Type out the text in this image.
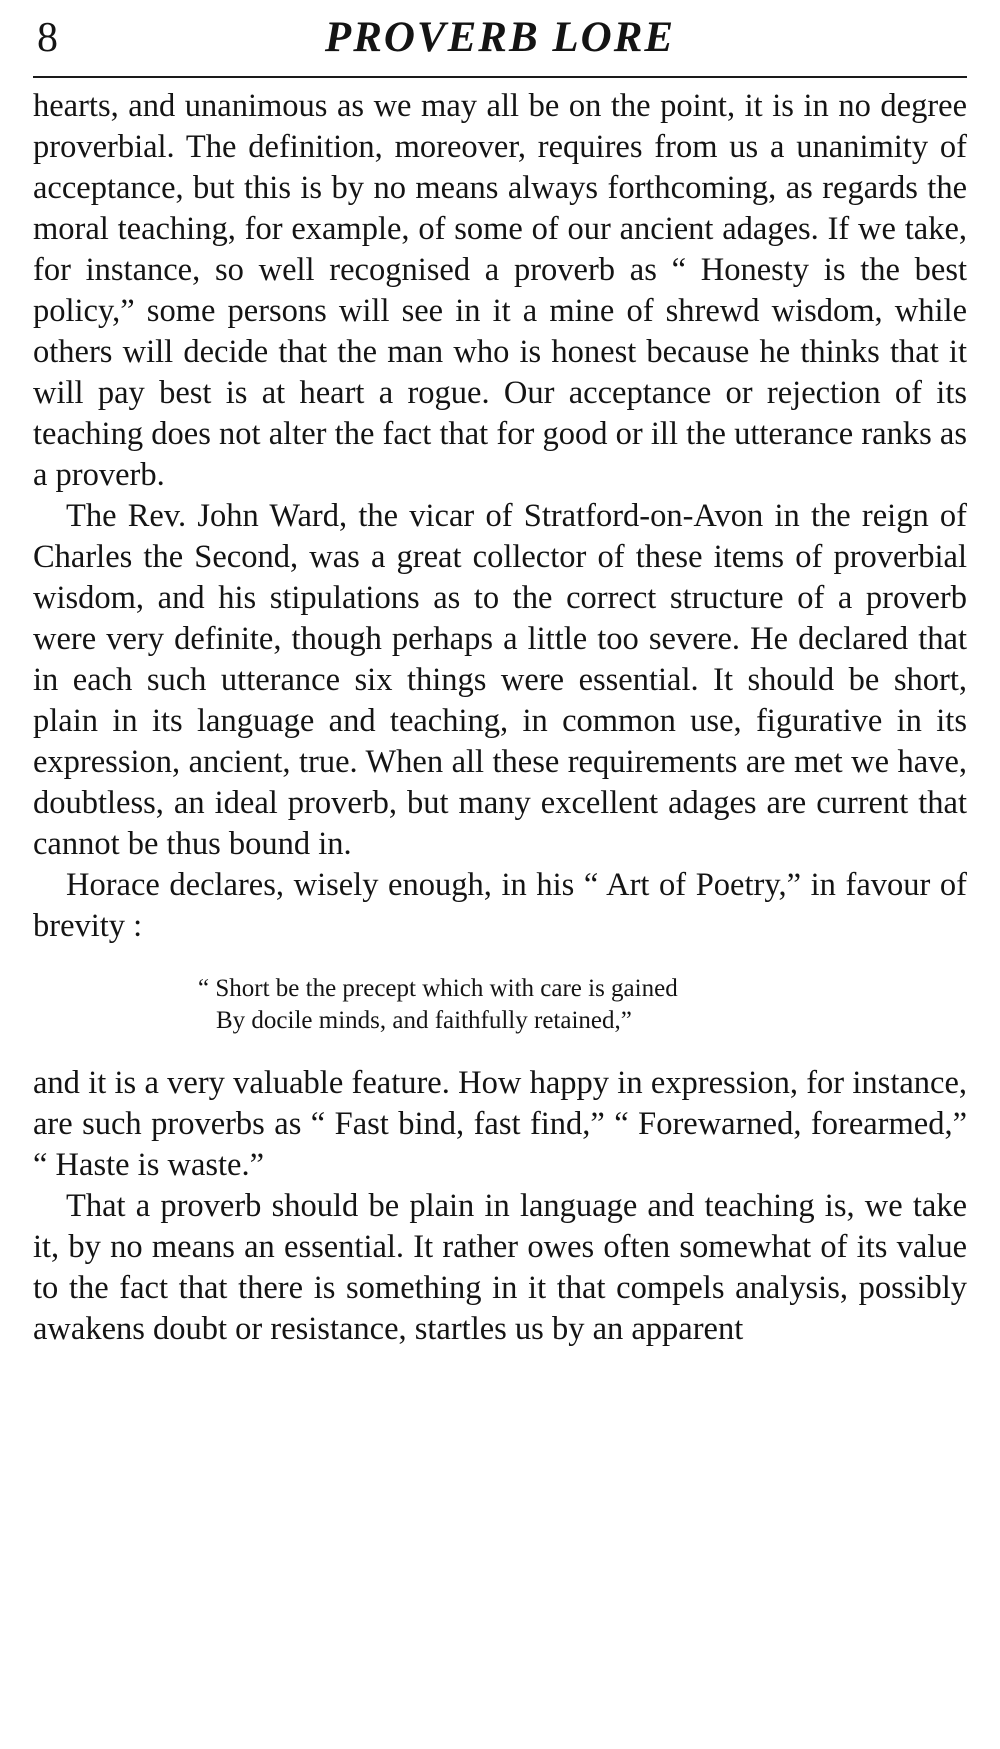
8	PROVERB LORE

hearts, and unanimous as we may all be on the point, it is in no degree proverbial. The definition, moreover, requires from us a unanimity of acceptance, but this is by no means always forthcoming, as regards the moral teaching, for example, of some of our ancient adages. If we take, for instance, so well recognised a proverb as “ Honesty is the best policy,” some persons will see in it a mine of shrewd wisdom, while others will decide that the man who is honest because he thinks that it will pay best is at heart a rogue. Our acceptance or rejection of its teaching does not alter the fact that for good or ill the utterance ranks as a proverb.

The Rev. John Ward, the vicar of Stratford-on-Avon in the reign of Charles the Second, was a great collector of these items of proverbial wisdom, and his stipulations as to the correct structure of a proverb were very definite, though perhaps a little too severe. He declared that in each such utterance six things were essential. It should be short, plain in its language and teaching, in common use, figurative in its expression, ancient, true. When all these requirements are met we have, doubtless, an ideal proverb, but many excellent adages are current that cannot be thus bound in.

Horace declares, wisely enough, in his “ Art of Poetry,” in favour of brevity :

“ Short be the precept which with care is gained
By docile minds, and faithfully retained,”

and it is a very valuable feature. How happy in expression, for instance, are such proverbs as “ Fast bind, fast find,” “ Forewarned, forearmed,” “ Haste is waste.”

That a proverb should be plain in language and teaching is, we take it, by no means an essential. It rather owes often somewhat of its value to the fact that there is something in it that compels analysis, possibly awakens doubt or resistance, startles us by an apparent
